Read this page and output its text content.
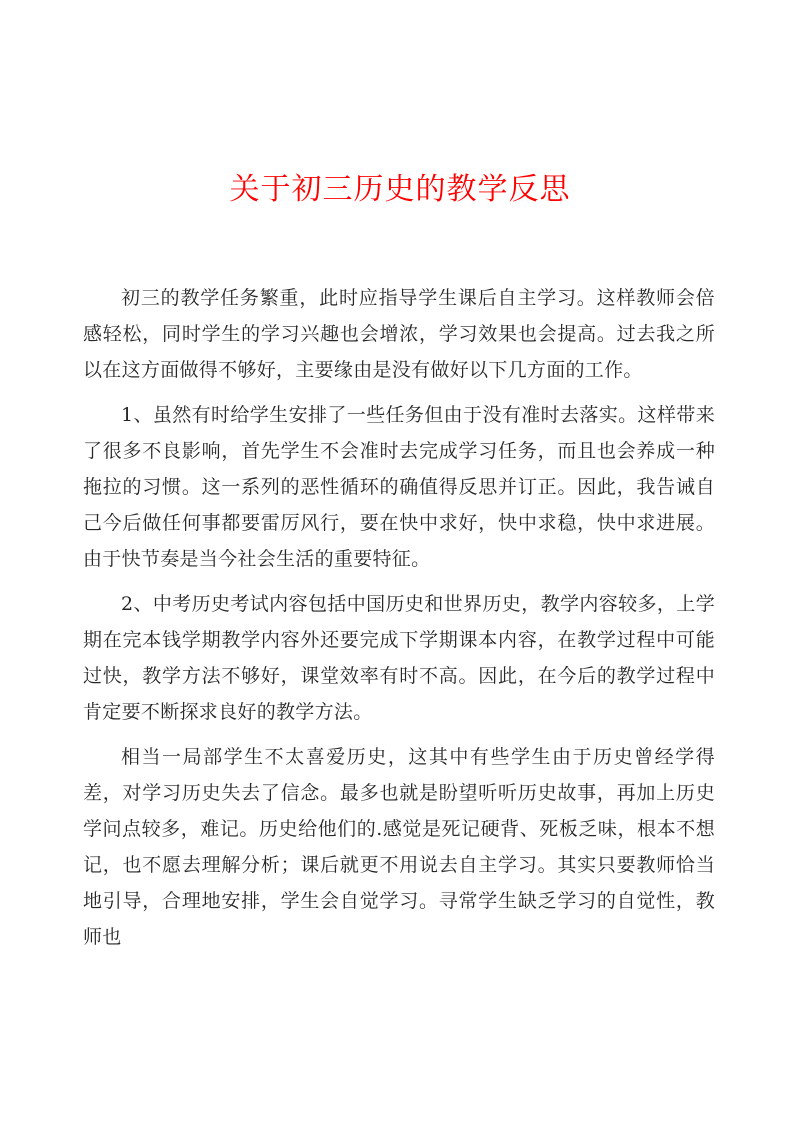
关于初三历史的教学反思

初三的教学任务繁重，此时应指导学生课后自主学习。这样教师会倍感轻松，同时学生的学习兴趣也会增浓，学习效果也会提高。过去我之所以在这方面做得不够好，主要缘由是没有做好以下几方面的工作。

1、虽然有时给学生安排了一些任务但由于没有准时去落实。这样带来了很多不良影响，首先学生不会准时去完成学习任务，而且也会养成一种拖拉的习惯。这一系列的恶性循环的确值得反思并订正。因此，我告诫自己今后做任何事都要雷厉风行，要在快中求好，快中求稳，快中求进展。由于快节奏是当今社会生活的重要特征。

2、中考历史考试内容包括中国历史和世界历史，教学内容较多，上学期在完本钱学期教学内容外还要完成下学期课本内容，在教学过程中可能过快，教学方法不够好，课堂效率有时不高。因此，在今后的教学过程中肯定要不断探求良好的教学方法。

相当一局部学生不太喜爱历史，这其中有些学生由于历史曾经学得差，对学习历史失去了信念。最多也就是盼望听听历史故事，再加上历史学问点较多，难记。历史给他们的.感觉是死记硬背、死板乏味，根本不想记，也不愿去理解分析；课后就更不用说去自主学习。其实只要教师恰当地引导，合理地安排，学生会自觉学习。寻常学生缺乏学习的自觉性，教师也
